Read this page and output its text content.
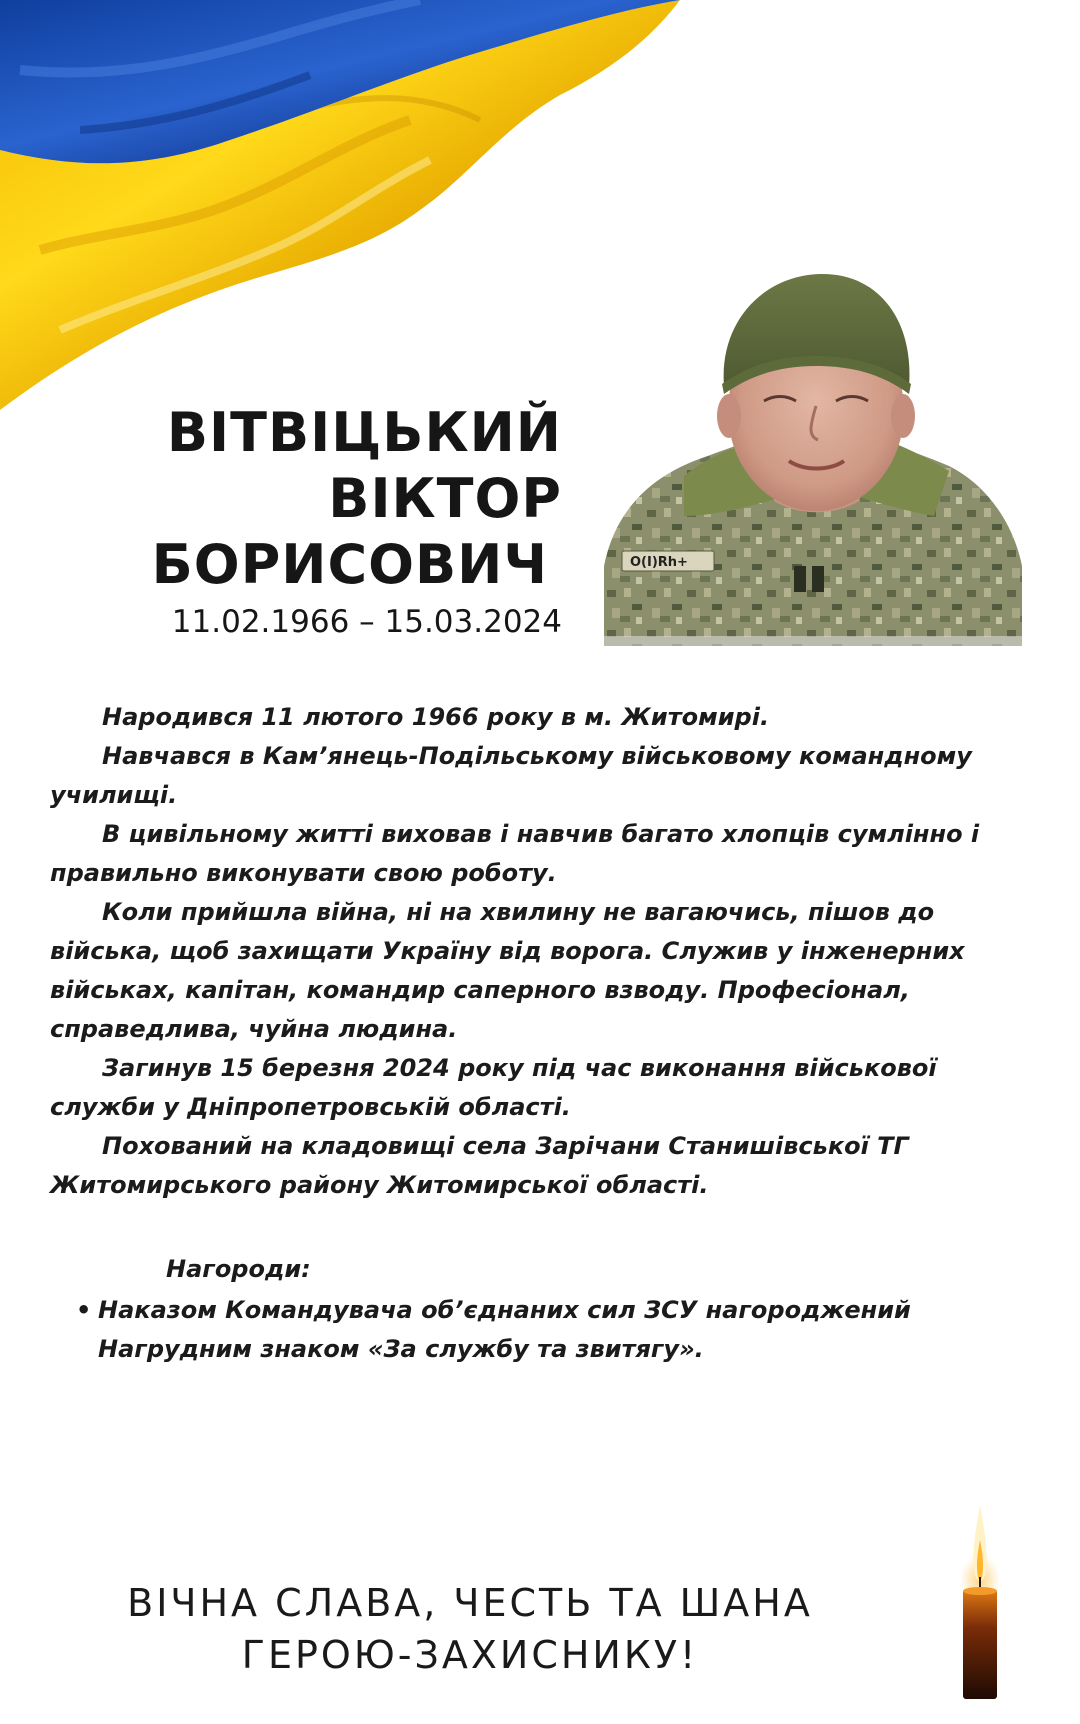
ВІТВІЦЬКИЙ
ВІКТОР
БОРИСОВИЧ
11.02.1966 – 15.03.2024
O(I)Rh+

Народився 11 лютого 1966 року в м. Житомирі.

Навчався в Кам’янець-Подільському військовому командному училищі.

В цивільному житті виховав і навчив багато хлопців сумлінно і правильно виконувати свою роботу.

Коли прийшла війна, ні на хвилину не вагаючись, пішов до війська, щоб захищати Україну від ворога. Служив у інженерних військах, капітан, командир саперного взводу. Професіонал, справедлива, чуйна людина.

Загинув 15 березня 2024 року під час виконання військової служби у Дніпропетровській області.

Похований на кладовищі села Зарічани Станишівської ТГ Житомирського району Житомирської області.

Нагороди:
• Наказом Командувача об’єднаних сил ЗСУ нагороджений Нагрудним знаком «За службу та звитягу».
ВІЧНА СЛАВА, ЧЕСТЬ ТА ШАНА
ГЕРОЮ-ЗАХИСНИКУ!
